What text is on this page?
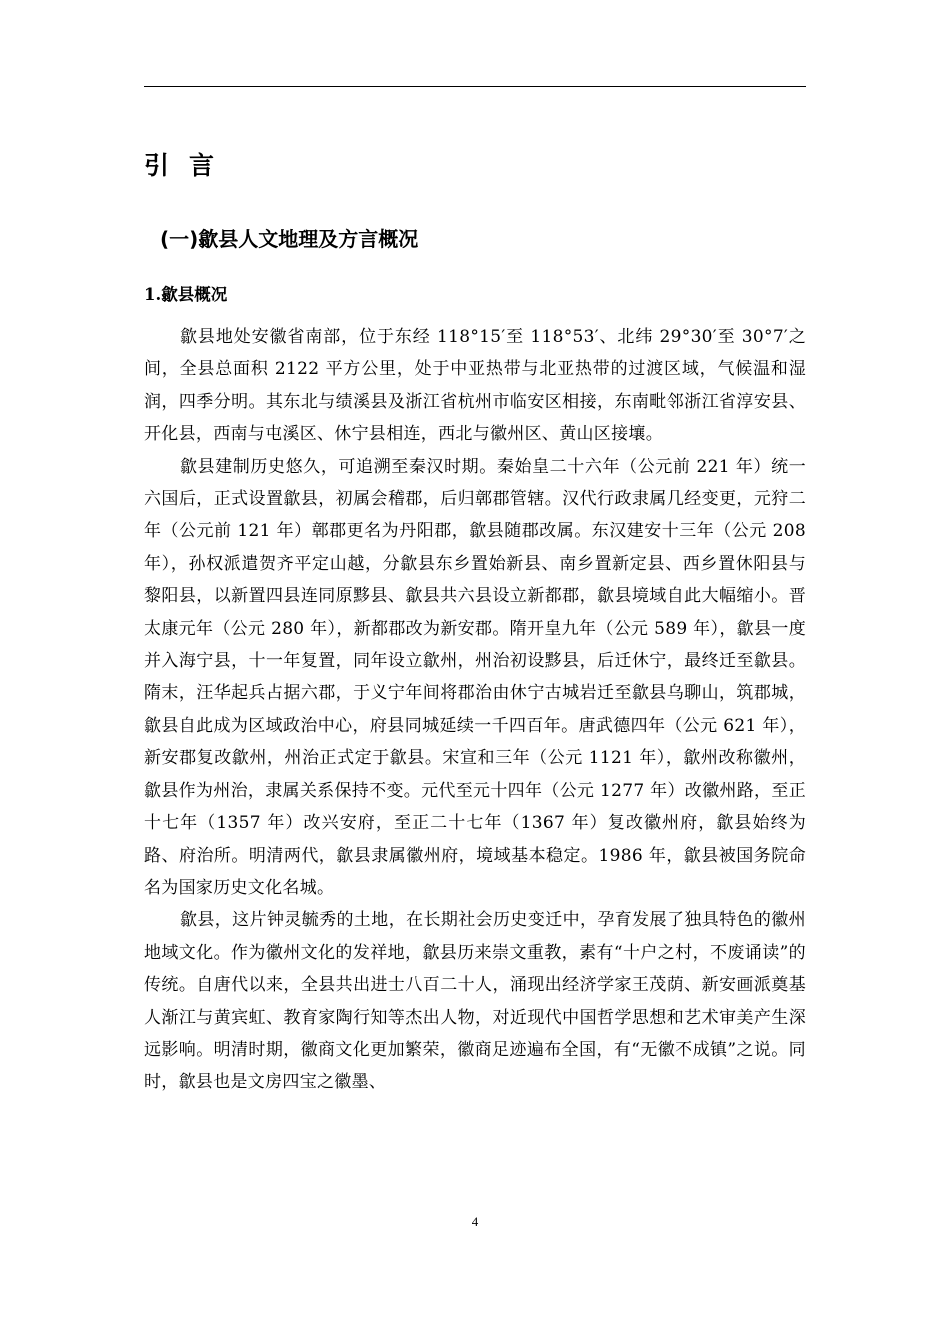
引言
(一)歙县人文地理及方言概况
1.歙县概况

歙县地处安徽省南部，位于东经 118°15′至 118°53′、北纬 29°30′至 30°7′之间，全县总面积 2122 平方公里，处于中亚热带与北亚热带的过渡区域，气候温和湿润，四季分明。其东北与绩溪县及浙江省杭州市临安区相接，东南毗邻浙江省淳安县、开化县，西南与屯溪区、休宁县相连，西北与徽州区、黄山区接壤。

歙县建制历史悠久，可追溯至秦汉时期。秦始皇二十六年（公元前 221 年）统一六国后，正式设置歙县，初属会稽郡，后归鄣郡管辖。汉代行政隶属几经变更，元狩二年（公元前 121 年）鄣郡更名为丹阳郡，歙县随郡改属。东汉建安十三年（公元 208 年），孙权派遣贺齐平定山越，分歙县东乡置始新县、南乡置新定县、西乡置休阳县与黎阳县，以新置四县连同原黟县、歙县共六县设立新都郡，歙县境域自此大幅缩小。晋太康元年（公元 280 年），新都郡改为新安郡。隋开皇九年（公元 589 年），歙县一度并入海宁县，十一年复置，同年设立歙州，州治初设黟县，后迁休宁，最终迁至歙县。隋末，汪华起兵占据六郡，于义宁年间将郡治由休宁古城岩迁至歙县乌聊山，筑郡城，歙县自此成为区域政治中心，府县同城延续一千四百年。唐武德四年（公元 621 年），新安郡复改歙州，州治正式定于歙县。宋宣和三年（公元 1121 年），歙州改称徽州，歙县作为州治，隶属关系保持不变。元代至元十四年（公元 1277 年）改徽州路，至正十七年（1357 年）改兴安府，至正二十七年（1367 年）复改徽州府，歙县始终为路、府治所。明清两代，歙县隶属徽州府，境域基本稳定。1986 年，歙县被国务院命名为国家历史文化名城。

歙县，这片钟灵毓秀的土地，在长期社会历史变迁中，孕育发展了独具特色的徽州地域文化。作为徽州文化的发祥地，歙县历来崇文重教，素有“十户之村，不废诵读”的传统。自唐代以来，全县共出进士八百二十人，涌现出经济学家王茂荫、新安画派奠基人渐江与黄宾虹、教育家陶行知等杰出人物，对近现代中国哲学思想和艺术审美产生深远影响。明清时期，徽商文化更加繁荣，徽商足迹遍布全国，有“无徽不成镇”之说。同时，歙县也是文房四宝之徽墨、

4
